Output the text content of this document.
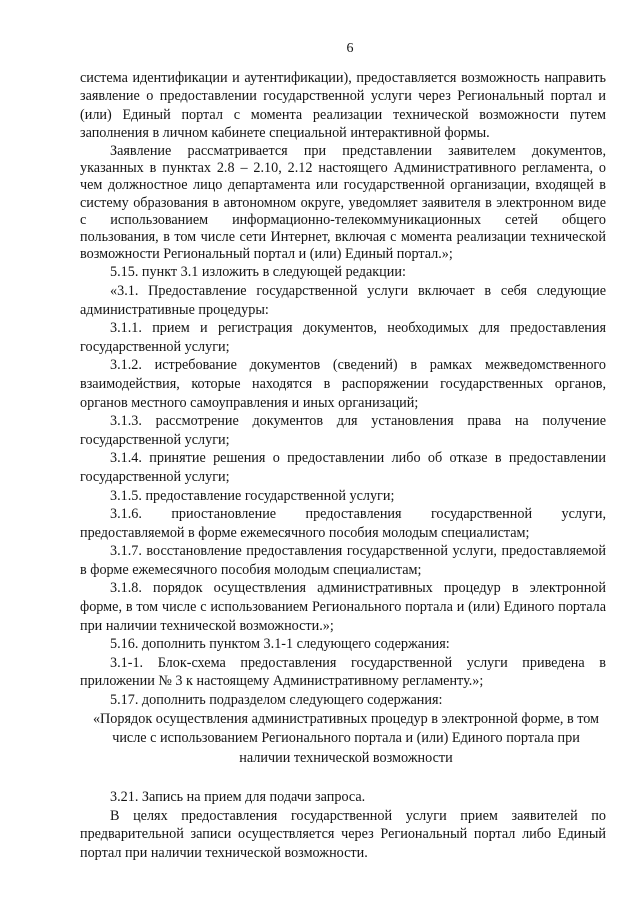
6

система идентификации и аутентификации), предоставляется возможность направить заявление о предоставлении государственной услуги через Региональный портал и (или) Единый портал с момента реализации технической возможности путем заполнения в личном кабинете специальной интерактивной формы.

Заявление рассматривается при представлении заявителем документов, указанных в пунктах 2.8 – 2.10, 2.12 настоящего Административного регламента, о чем должностное лицо департамента или государственной организации, входящей в систему образования в автономном округе, уведомляет заявителя в электронном виде с использованием информационно-телекоммуникационных сетей общего пользования, в том числе сети Интернет, включая с момента реализации технической возможности Региональный портал и (или) Единый портал.»;

5.15. пункт 3.1 изложить в следующей редакции:

«3.1. Предоставление государственной услуги включает в себя следующие административные процедуры:

3.1.1. прием и регистрация документов, необходимых для предоставления государственной услуги;

3.1.2. истребование документов (сведений) в рамках межведомственного взаимодействия, которые находятся в распоряжении государственных органов, органов местного самоуправления и иных организаций;

3.1.3. рассмотрение документов для установления права на получение государственной услуги;

3.1.4. принятие решения о предоставлении либо об отказе в предоставлении государственной услуги;

3.1.5. предоставление государственной услуги;

3.1.6. приостановление предоставления государственной услуги, предоставляемой в форме ежемесячного пособия молодым специалистам;

3.1.7. восстановление предоставления государственной услуги, предоставляемой в форме ежемесячного пособия молодым специалистам;

3.1.8. порядок осуществления административных процедур в электронной форме, в том числе с использованием Регионального портала и (или) Единого портала при наличии технической возможности.»;

5.16. дополнить пунктом 3.1-1 следующего содержания:

3.1-1. Блок-схема предоставления государственной услуги приведена в приложении № 3 к настоящему Административному регламенту.»;

5.17. дополнить подразделом следующего содержания:

«Порядок осуществления административных процедур в электронной форме, в том числе с использованием Регионального портала и (или) Единого портала при наличии технической возможности

3.21. Запись на прием для подачи запроса.

В целях предоставления государственной услуги прием заявителей по предварительной записи осуществляется через Региональный портал либо Единый портал при наличии технической возможности.
